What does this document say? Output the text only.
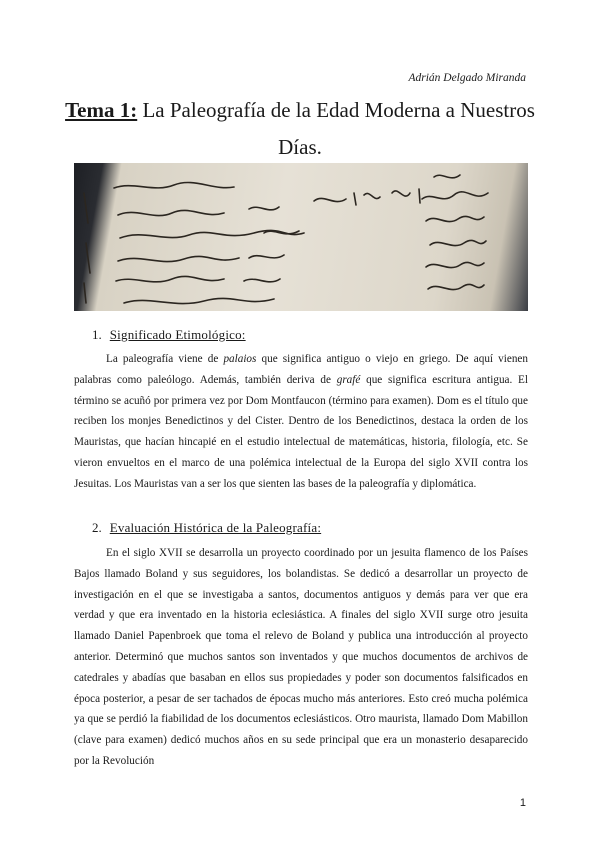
Adrián Delgado Miranda
Tema 1: La Paleografía de la Edad Moderna a Nuestros Días.
1. Significado Etimológico:

La paleografía viene de palaios que significa antiguo o viejo en griego. De aquí vienen palabras como paleólogo. Además, también deriva de grafé que significa escritura antigua. El término se acuñó por primera vez por Dom Montfaucon (término para examen). Dom es el título que reciben los monjes Benedictinos y del Cister. Dentro de los Benedictinos, destaca la orden de los Mauristas, que hacían hincapié en el estudio intelectual de matemáticas, historia, filología, etc. Se vieron envueltos en el marco de una polémica intelectual de la Europa del siglo XVII contra los Jesuitas. Los Mauristas van a ser los que sienten las bases de la paleografía y diplomática.

2. Evaluación Histórica de la Paleografía:

En el siglo XVII se desarrolla un proyecto coordinado por un jesuita flamenco de los Países Bajos llamado Boland y sus seguidores, los bolandistas. Se dedicó a desarrollar un proyecto de investigación en el que se investigaba a santos, documentos antiguos y demás para ver que era verdad y que era inventado en la historia eclesiástica. A finales del siglo XVII surge otro jesuita llamado Daniel Papenbroek que toma el relevo de Boland y publica una introducción al proyecto anterior. Determinó que muchos santos son inventados y que muchos documentos de archivos de catedrales y abadías que basaban en ellos sus propiedades y poder son documentos falsificados en época posterior, a pesar de ser tachados de épocas mucho más anteriores. Esto creó mucha polémica ya que se perdió la fiabilidad de los documentos eclesiásticos. Otro maurista, llamado Dom Mabillon (clave para examen) dedicó muchos años en su sede principal que era un monasterio desaparecido por la Revolución

1
